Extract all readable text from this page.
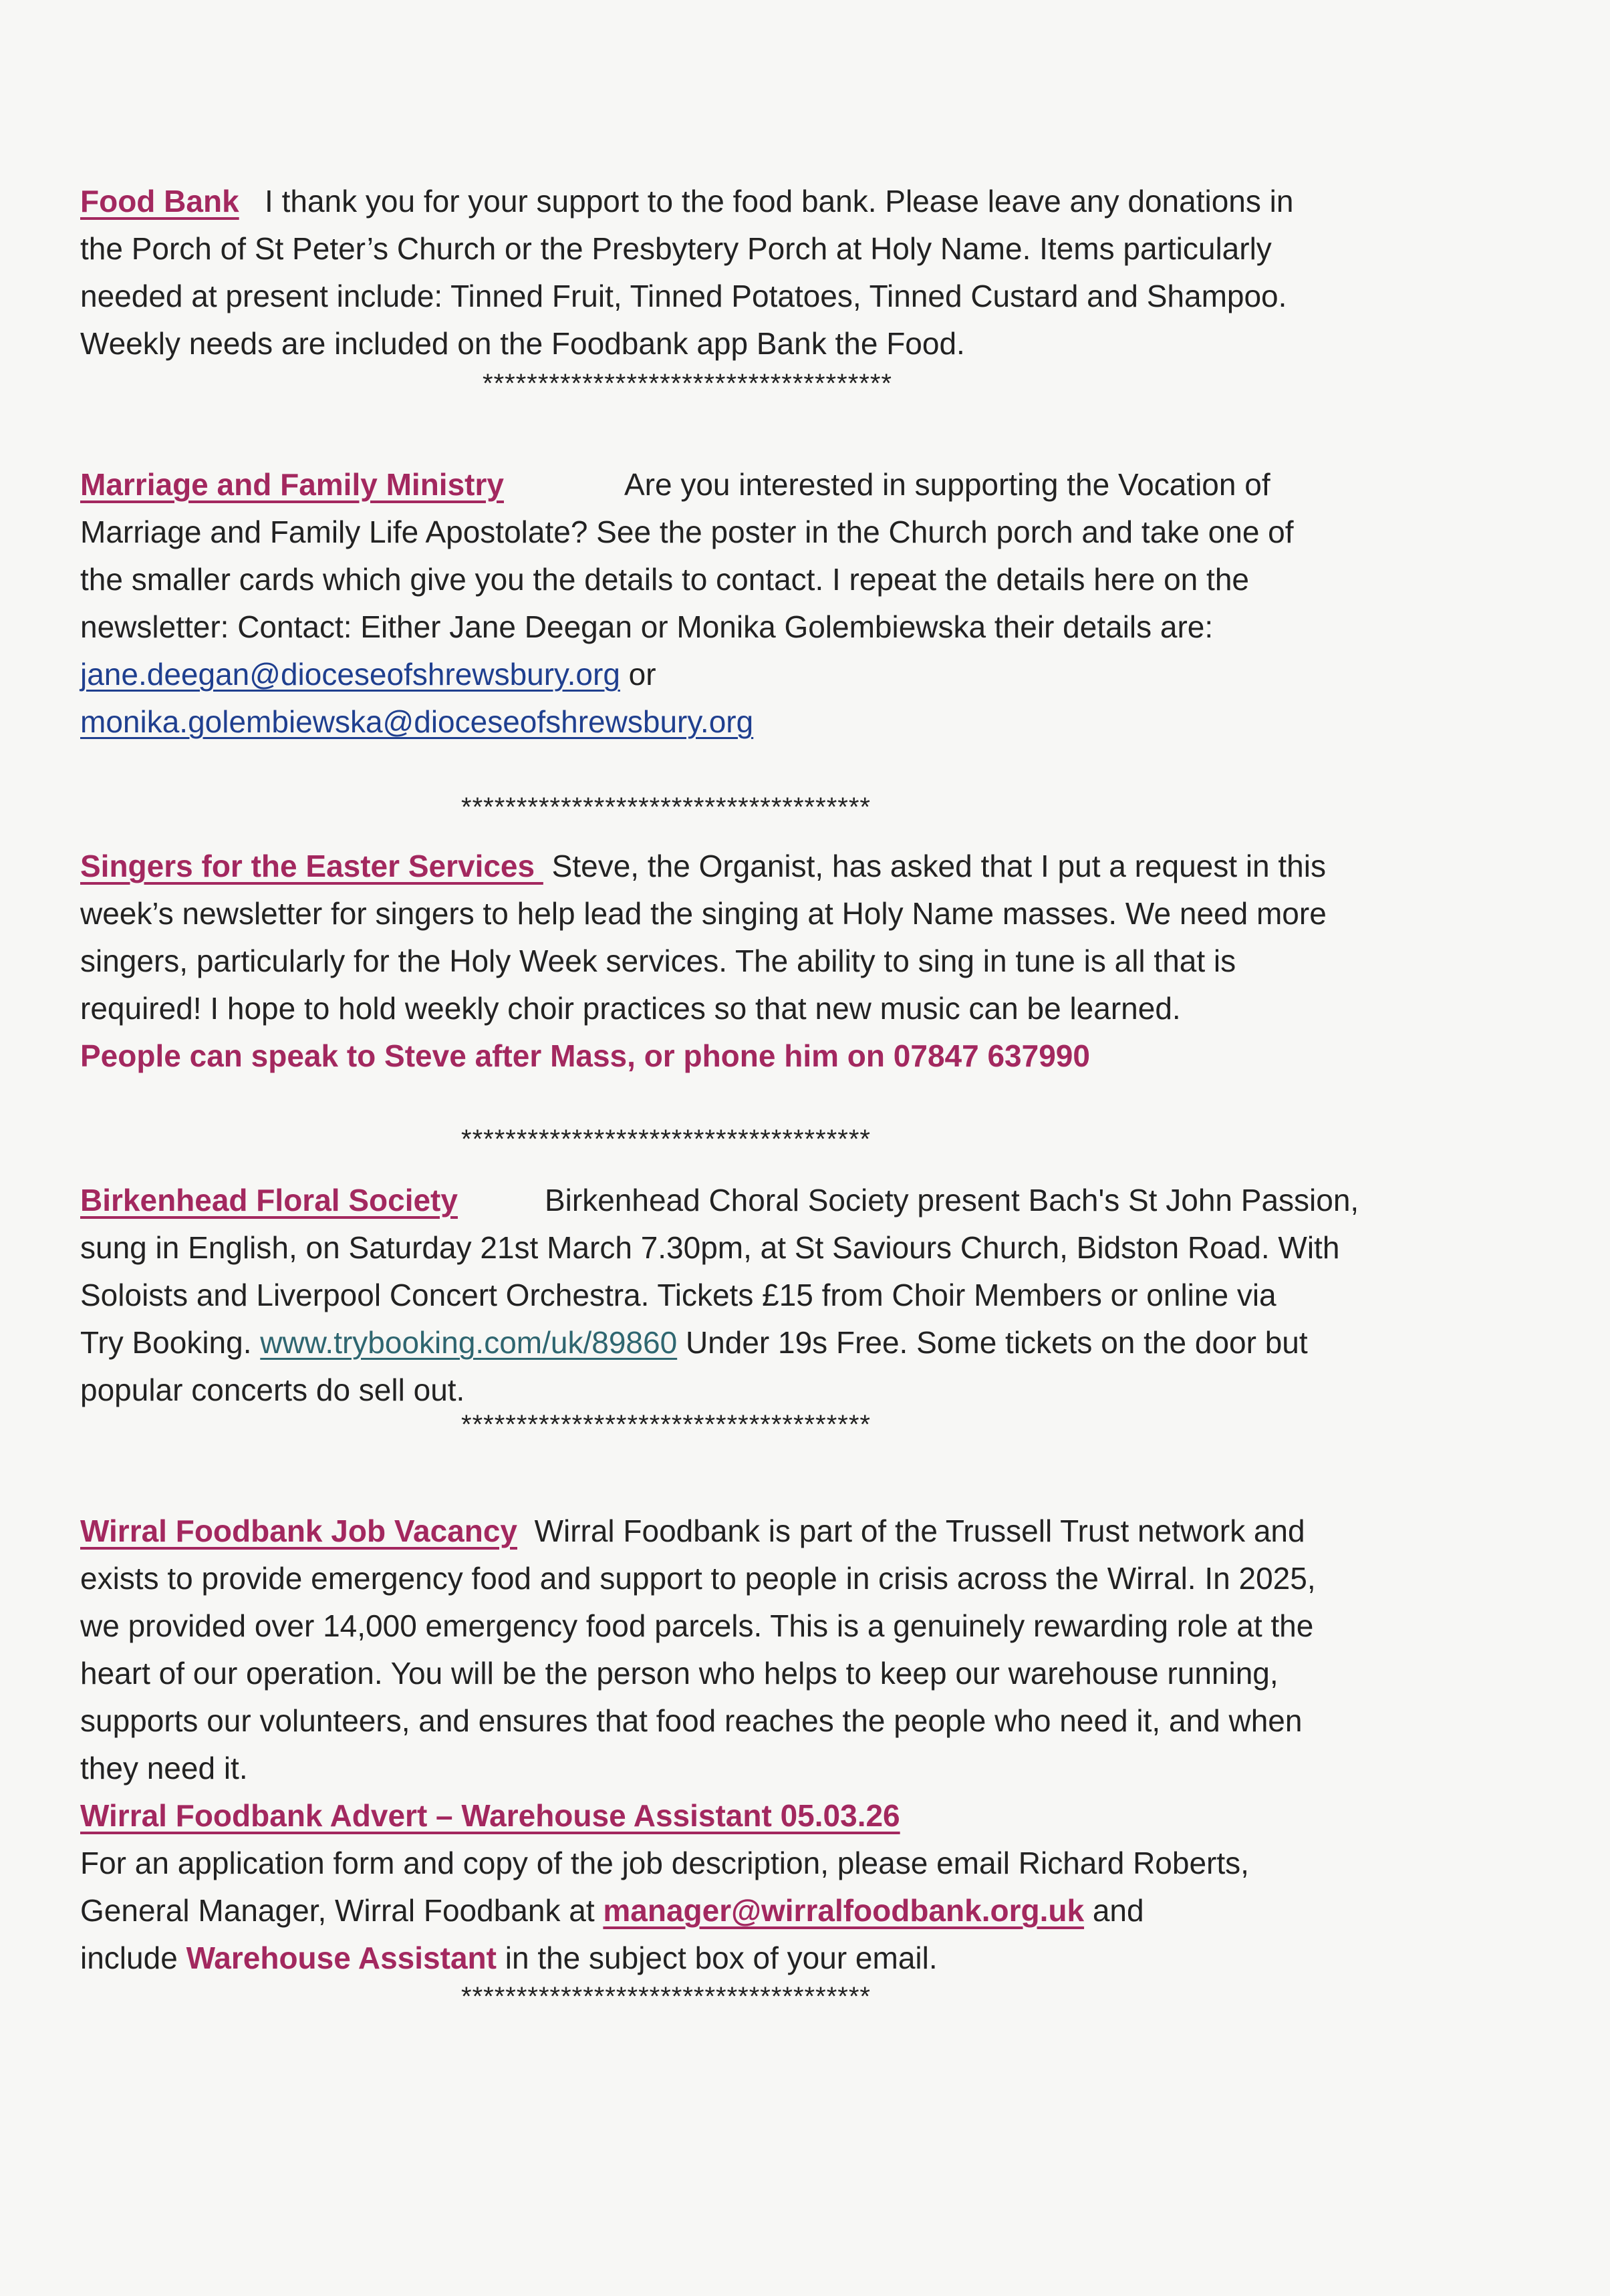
Food Bank I thank you for your support to the food bank. Please leave any donations in
the Porch of St Peter’s Church or the Presbytery Porch at Holy Name. Items particularly
needed at present include: Tinned Fruit, Tinned Potatoes, Tinned Custard and Shampoo.
Weekly needs are included on the Foodbank app Bank the Food.
*************************************
Marriage and Family Ministry	Are you interested in supporting the Vocation of
Marriage and Family Life Apostolate? See the poster in the Church porch and take one of
the smaller cards which give you the details to contact. I repeat the details here on the
newsletter: Contact: Either Jane Deegan or Monika Golembiewska their details are:
jane.deegan@dioceseofshrewsbury.org or
monika.golembiewska@dioceseofshrewsbury.org
*************************************
Singers for the Easter Services  Steve, the Organist, has asked that I put a request in this
week’s newsletter for singers to help lead the singing at Holy Name masses. We need more
singers, particularly for the Holy Week services. The ability to sing in tune is all that is
required! I hope to hold weekly choir practices so that new music can be learned.
People can speak to Steve after Mass, or phone him on 07847 637990
*************************************
Birkenhead Floral Society	Birkenhead Choral Society present Bach's St John Passion,
sung in English, on Saturday 21st March 7.30pm, at St Saviours Church, Bidston Road. With
Soloists and Liverpool Concert Orchestra. Tickets £15 from Choir Members or online via
Try Booking. www.trybooking.com/uk/89860 Under 19s Free. Some tickets on the door but
popular concerts do sell out.
*************************************
Wirral Foodbank Job Vacancy Wirral Foodbank is part of the Trussell Trust network and
exists to provide emergency food and support to people in crisis across the Wirral. In 2025,
we provided over 14,000 emergency food parcels. This is a genuinely rewarding role at the
heart of our operation. You will be the person who helps to keep our warehouse running,
supports our volunteers, and ensures that food reaches the people who need it, and when
they need it.
Wirral Foodbank Advert – Warehouse Assistant 05.03.26
For an application form and copy of the job description, please email Richard Roberts,
General Manager, Wirral Foodbank at manager@wirralfoodbank.org.uk and
include Warehouse Assistant in the subject box of your email.
*************************************
